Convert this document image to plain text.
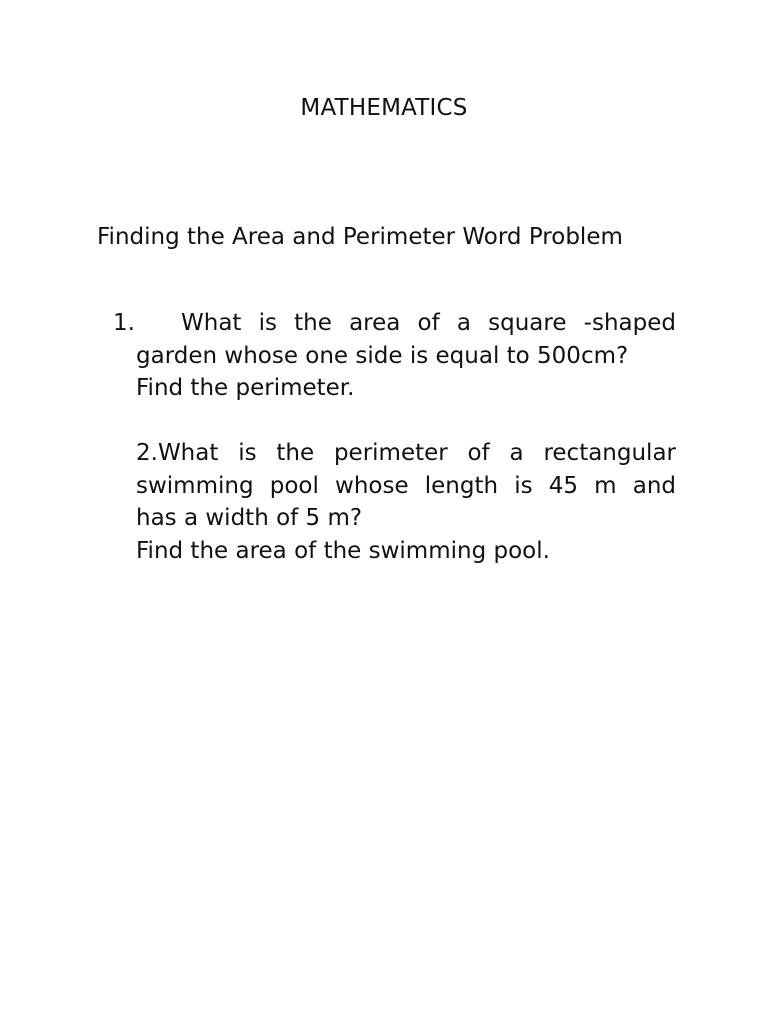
MATHEMATICS
Finding the Area and Perimeter Word Problem
1.	What is the area of a square -shaped
garden whose one side is equal to 500cm?
Find the perimeter.
2.What is the perimeter of a rectangular
swimming pool whose length is 45 m and
has a width of 5 m?
Find the area of the swimming pool.
